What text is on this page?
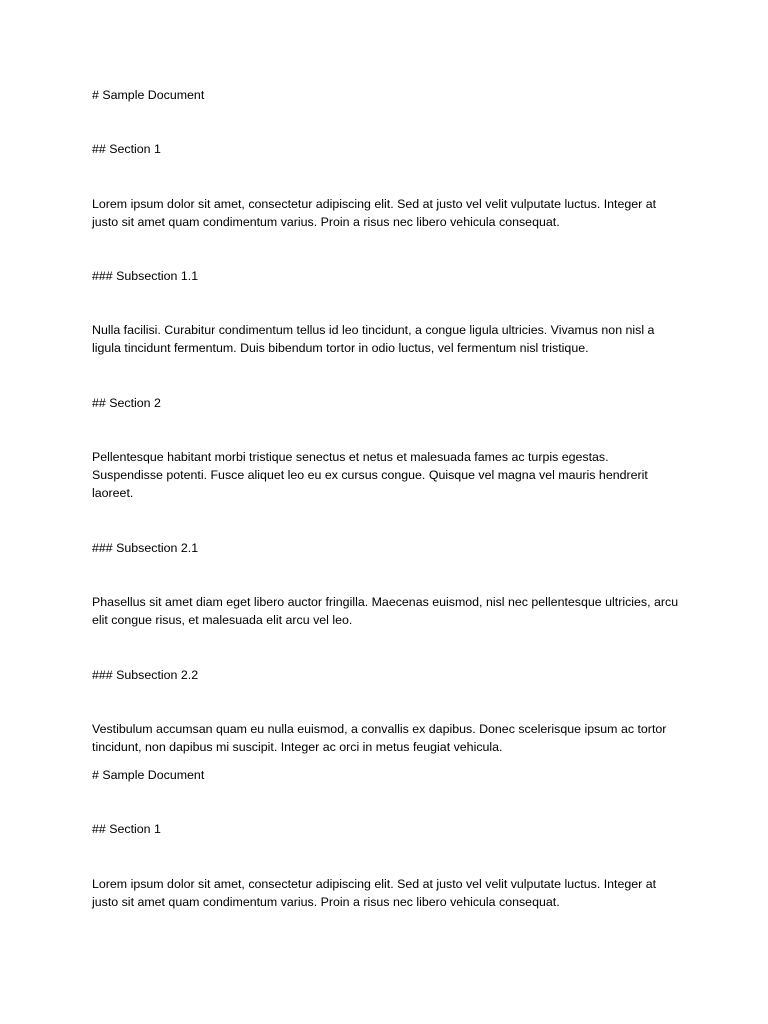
# Sample Document

## Section 1

Lorem ipsum dolor sit amet, consectetur adipiscing elit. Sed at justo vel velit vulputate luctus. Integer at justo sit amet quam condimentum varius. Proin a risus nec libero vehicula consequat.

### Subsection 1.1

Nulla facilisi. Curabitur condimentum tellus id leo tincidunt, a congue ligula ultricies. Vivamus non nisl a ligula tincidunt fermentum. Duis bibendum tortor in odio luctus, vel fermentum nisl tristique.

## Section 2

Pellentesque habitant morbi tristique senectus et netus et malesuada fames ac turpis egestas. Suspendisse potenti. Fusce aliquet leo eu ex cursus congue. Quisque vel magna vel mauris hendrerit laoreet.

### Subsection 2.1

Phasellus sit amet diam eget libero auctor fringilla. Maecenas euismod, nisl nec pellentesque ultricies, arcu elit congue risus, et malesuada elit arcu vel leo.

### Subsection 2.2

Vestibulum accumsan quam eu nulla euismod, a convallis ex dapibus. Donec scelerisque ipsum ac tortor tincidunt, non dapibus mi suscipit. Integer ac orci in metus feugiat vehicula.

# Sample Document

## Section 1

Lorem ipsum dolor sit amet, consectetur adipiscing elit. Sed at justo vel velit vulputate luctus. Integer at justo sit amet quam condimentum varius. Proin a risus nec libero vehicula consequat.
